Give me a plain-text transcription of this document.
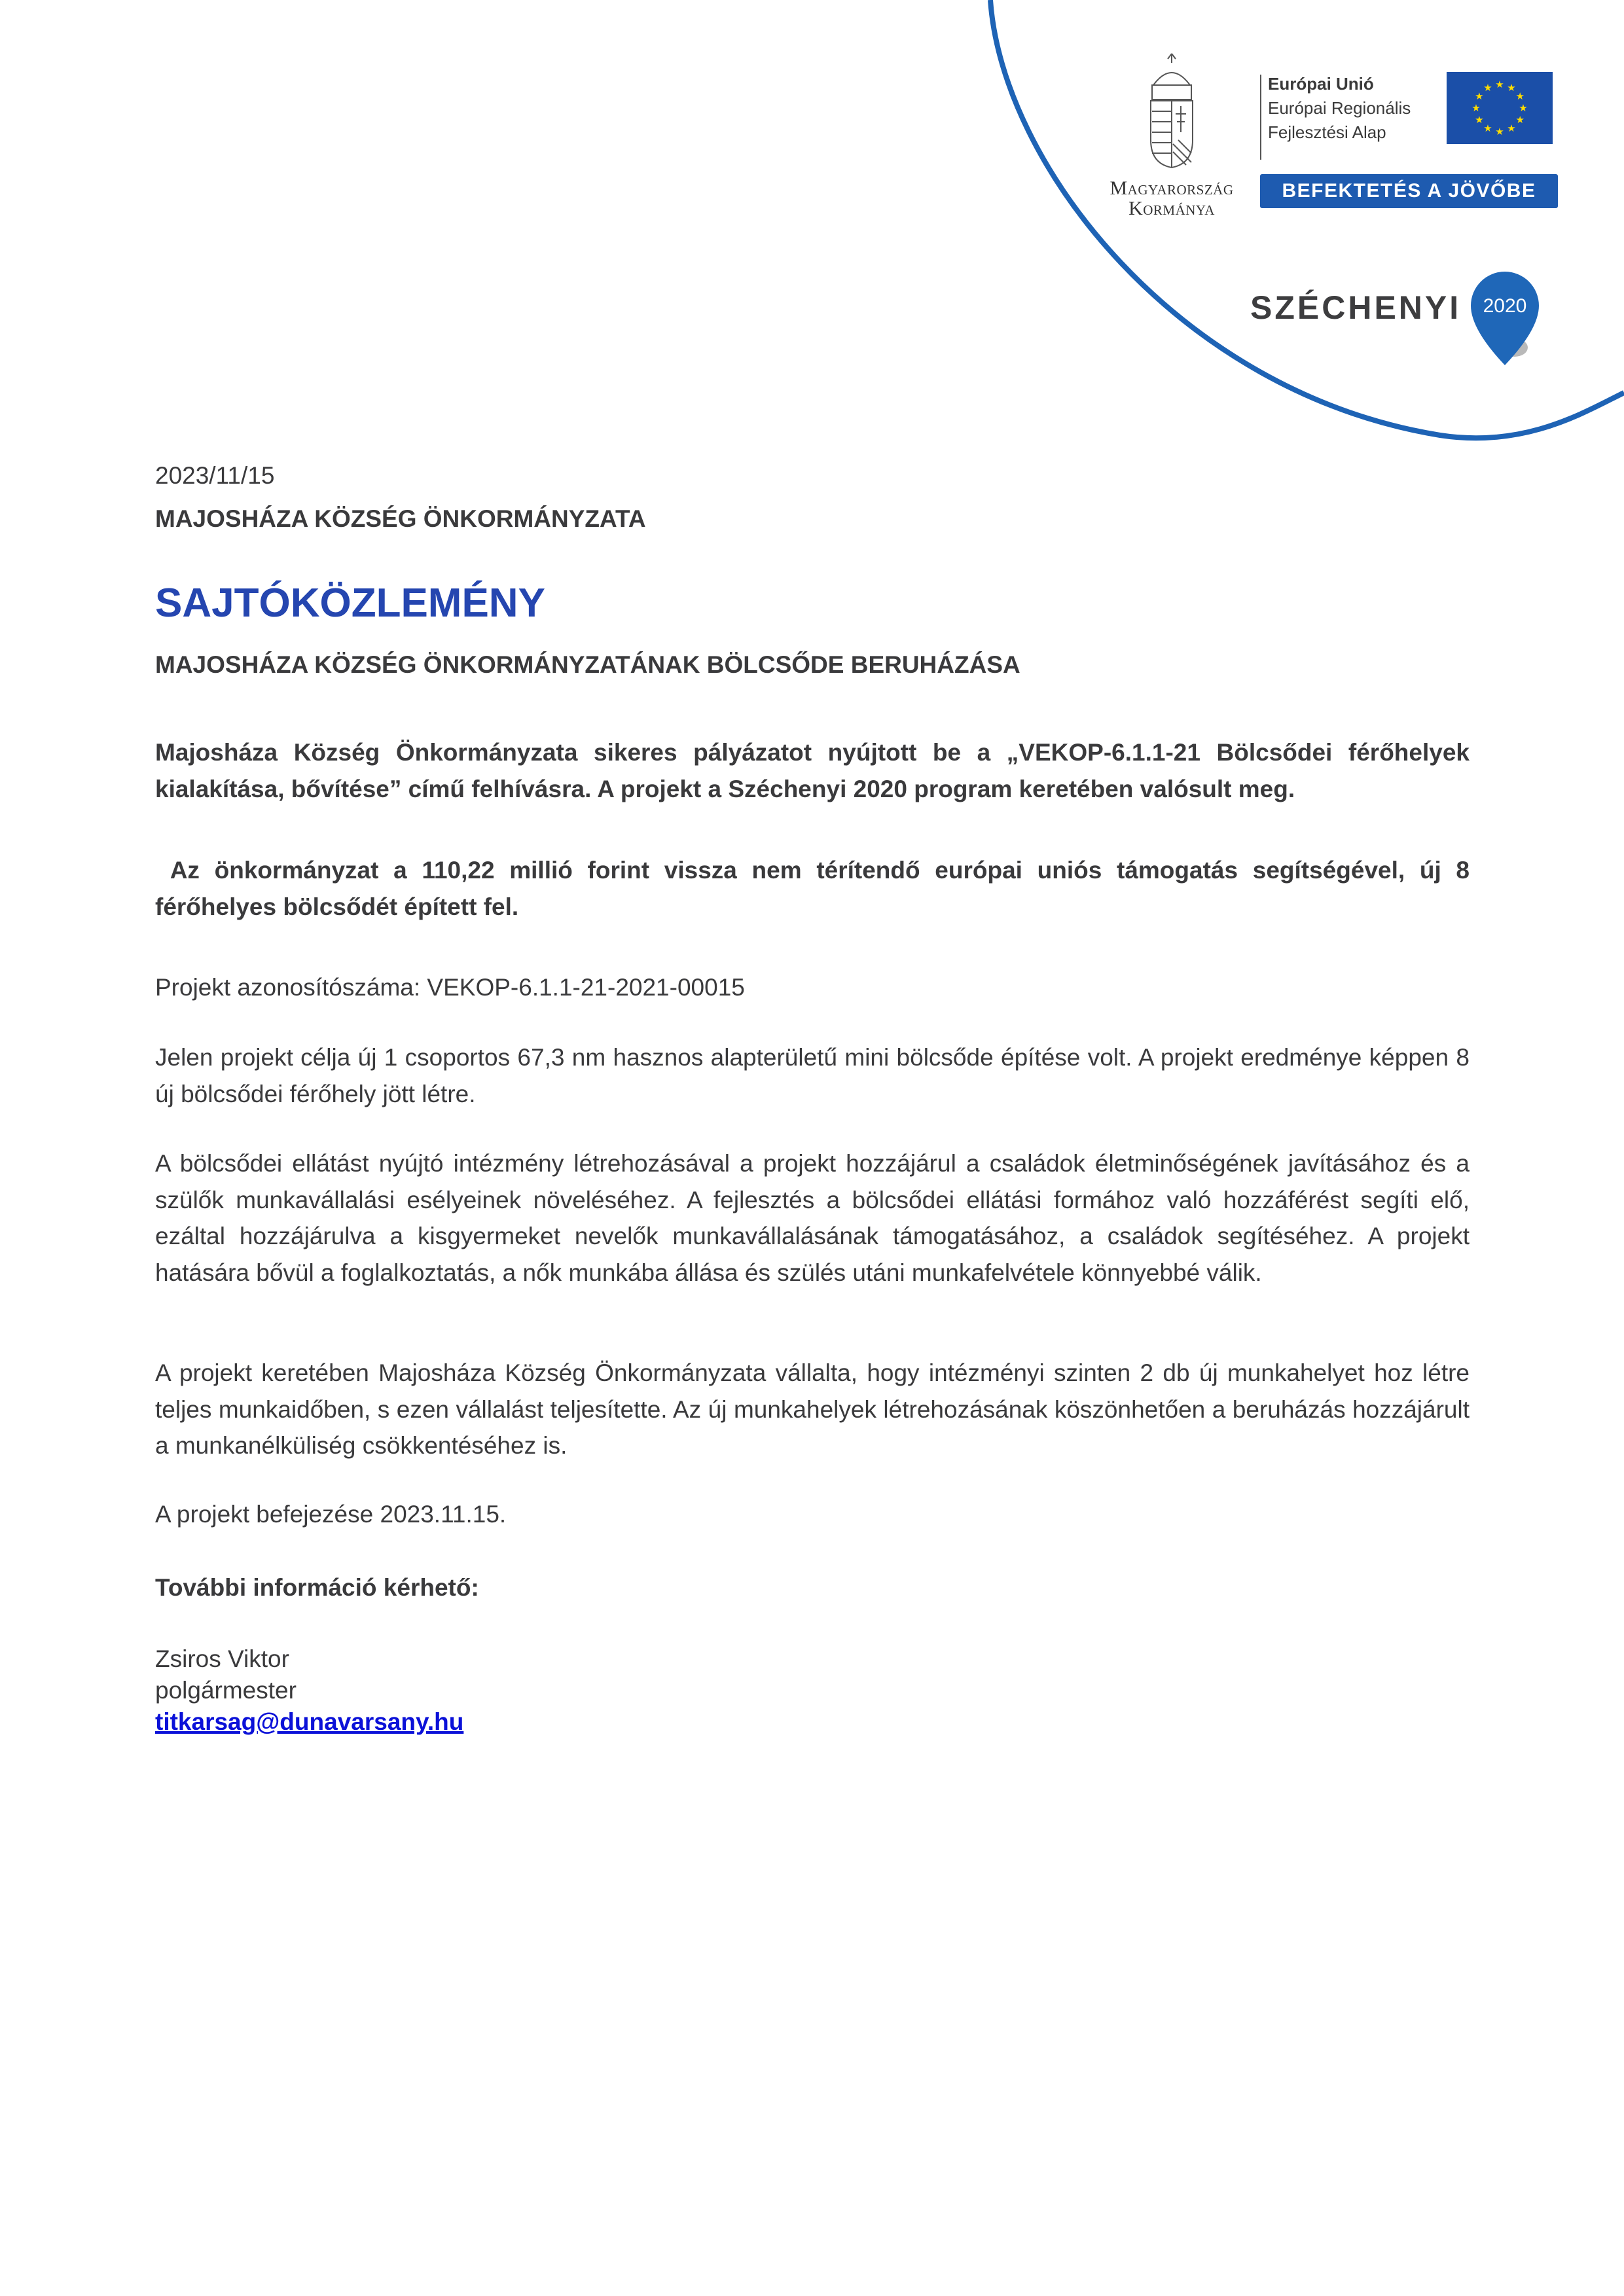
Magyarország
Kormánya
Európai Unió
Európai Regionális
Fejlesztési Alap
★ ★
★
★
★
★
★
★
★
★
★
★
BEFEKTETÉS A JÖVŐBE
SZÉCHENYI 2020
2023/11/15
MAJOSHÁZA KÖZSÉG ÖNKORMÁNYZATA
SAJTÓKÖZLEMÉNY
MAJOSHÁZA KÖZSÉG ÖNKORMÁNYZATÁNAK BÖLCSŐDE BERUHÁZÁSA
Majosháza Község Önkormányzata sikeres pályázatot nyújtott be a „VEKOP-6.1.1-21 Bölcsődei férőhelyek kialakítása, bővítése” című felhívásra. A projekt a Széchenyi 2020 program keretében valósult meg.
Az önkormányzat a 110,22 millió forint vissza nem térítendő európai uniós támogatás segítségével, új 8 férőhelyes bölcsődét épített fel.
Projekt azonosítószáma: VEKOP-6.1.1-21-2021-00015
Jelen projekt célja új 1 csoportos 67,3 nm hasznos alapterületű mini bölcsőde építése volt. A projekt eredménye képpen 8 új bölcsődei férőhely jött létre.
A bölcsődei ellátást nyújtó intézmény létrehozásával a projekt hozzájárul a családok életminőségének javításához és a szülők munkavállalási esélyeinek növeléséhez. A fejlesztés a bölcsődei ellátási formához való hozzáférést segíti elő, ezáltal hozzájárulva a kisgyermeket nevelők munkavállalásának támogatásához, a családok segítéséhez. A projekt hatására bővül a foglalkoztatás, a nők munkába állása és szülés utáni munkafelvétele könnyebbé válik.
A projekt keretében Majosháza Község Önkormányzata vállalta, hogy intézményi szinten 2 db új munkahelyet hoz létre teljes munkaidőben, s ezen vállalást teljesítette. Az új munkahelyek létrehozásának köszönhetően a beruházás hozzájárult a munkanélküliség csökkentéséhez is.
A projekt befejezése 2023.11.15.
További információ kérhető:
Zsiros Viktor
polgármester
titkarsag@dunavarsany.hu
